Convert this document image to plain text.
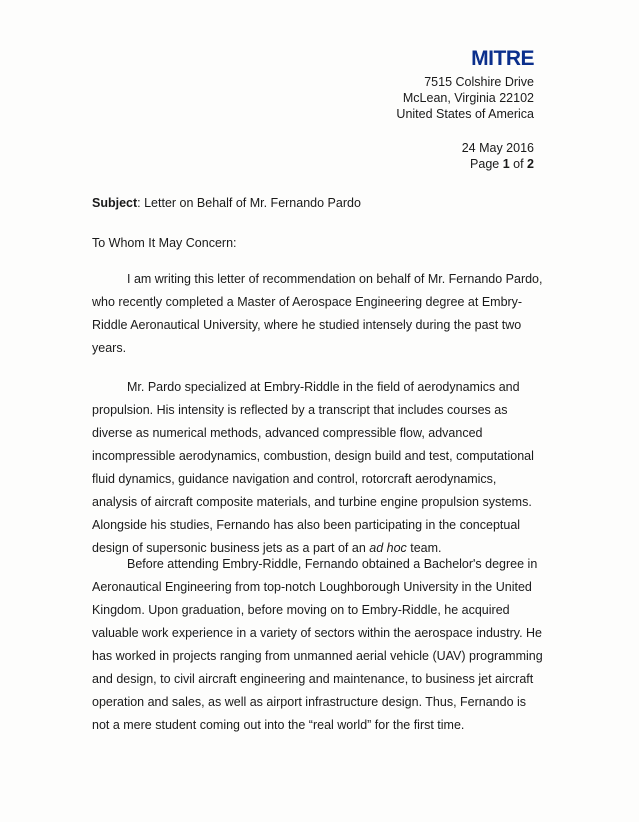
MITRE
7515 Colshire Drive
McLean, Virginia 22102
United States of America
24 May 2016
Page 1 of 2
Subject: Letter on Behalf of Mr. Fernando Pardo
To Whom It May Concern:

I am writing this letter of recommendation on behalf of Mr. Fernando Pardo, who recently completed a Master of Aerospace Engineering degree at Embry-Riddle Aeronautical University, where he studied intensely during the past two years.

Mr. Pardo specialized at Embry-Riddle in the field of aerodynamics and propulsion. His intensity is reflected by a transcript that includes courses as diverse as numerical methods, advanced compressible flow, advanced incompressible aerodynamics, combustion, design build and test, computational fluid dynamics, guidance navigation and control, rotorcraft aerodynamics, analysis of aircraft composite materials, and turbine engine propulsion systems. Alongside his studies, Fernando has also been participating in the conceptual design of supersonic business jets as a part of an ad hoc team.

Before attending Embry-Riddle, Fernando obtained a Bachelor's degree in Aeronautical Engineering from top-notch Loughborough University in the United Kingdom. Upon graduation, before moving on to Embry-Riddle, he acquired valuable work experience in a variety of sectors within the aerospace industry. He has worked in projects ranging from unmanned aerial vehicle (UAV) programming and design, to civil aircraft engineering and maintenance, to business jet aircraft operation and sales, as well as airport infrastructure design. Thus, Fernando is not a mere student coming out into the “real world” for the first time.
